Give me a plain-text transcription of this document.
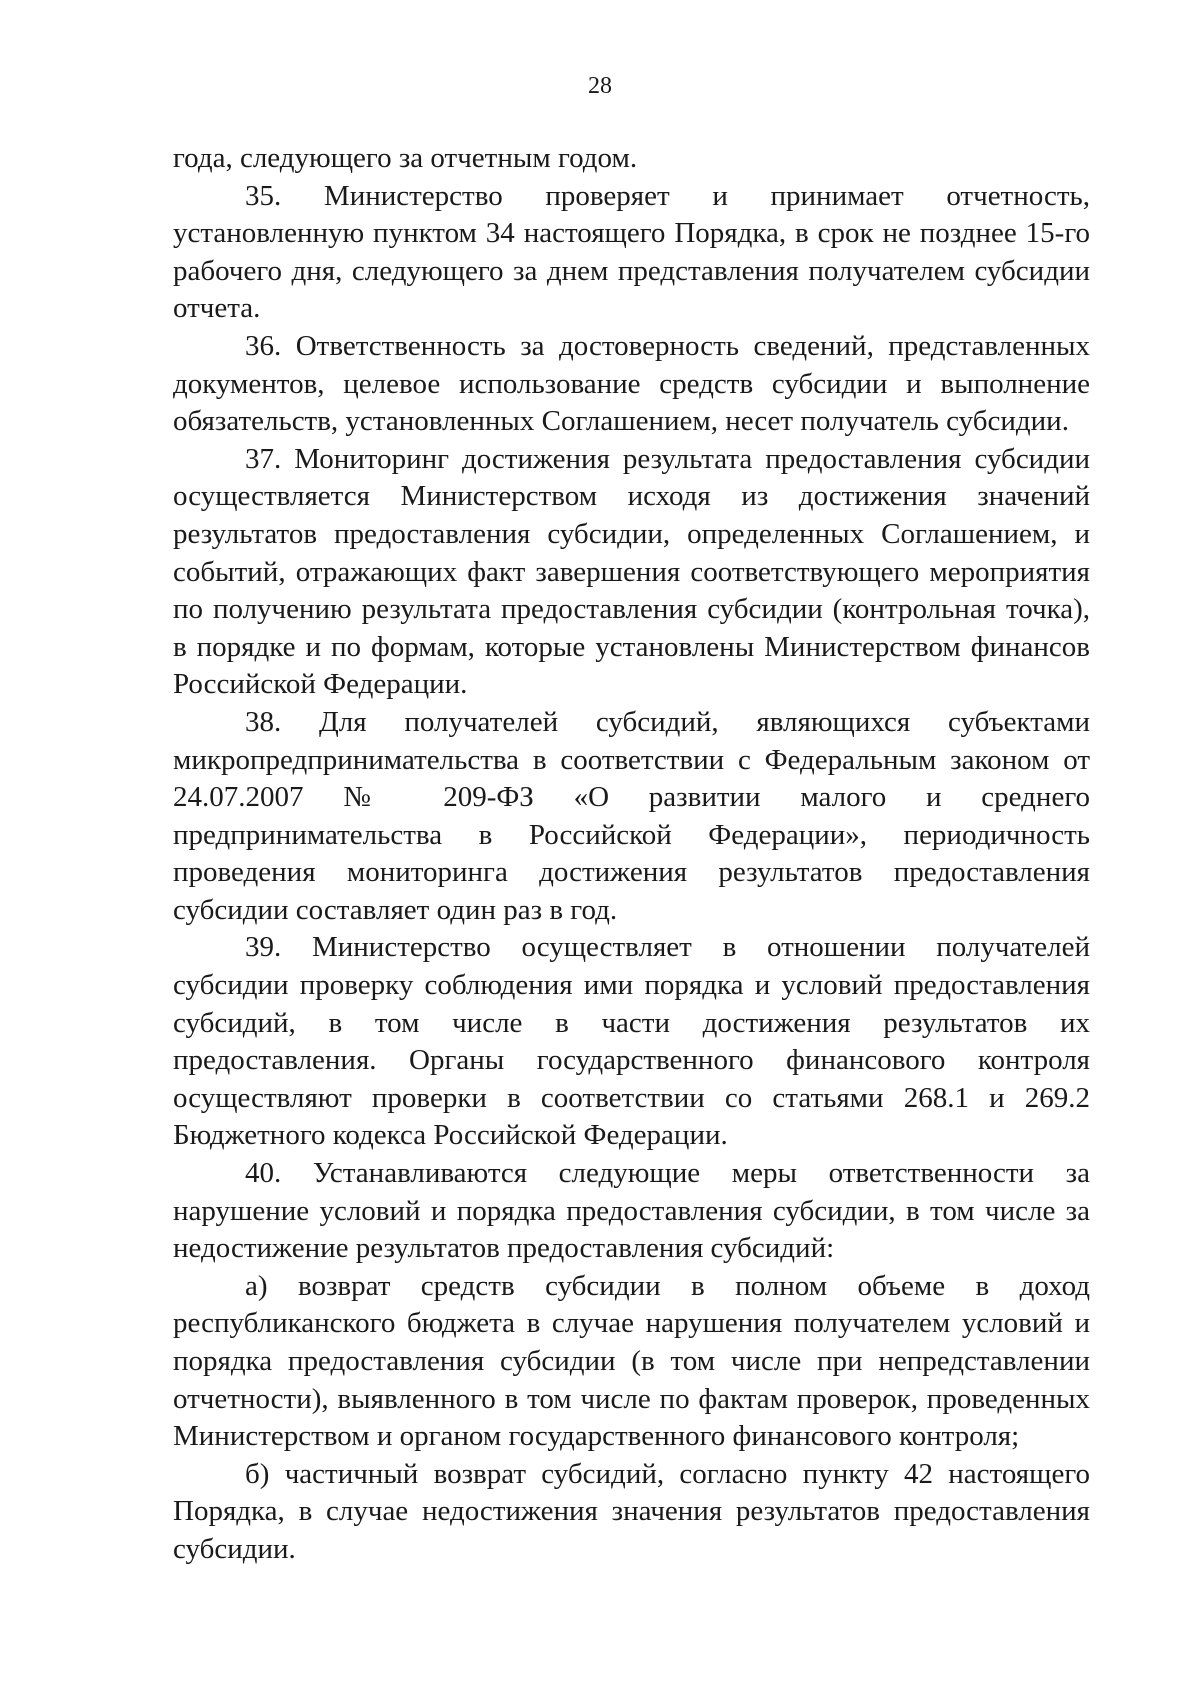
28

года, следующего за отчетным годом.

35. Министерство проверяет и принимает отчетность, установленную пунктом 34 настоящего Порядка, в срок не позднее 15-го рабочего дня, следующего за днем представления получателем субсидии отчета.

36. Ответственность за достоверность сведений, представленных документов, целевое использование средств субсидии и выполнение обязательств, установленных Соглашением, несет получатель субсидии.

37. Мониторинг достижения результата предоставления субсидии осуществляется Министерством исходя из достижения значений результатов предоставления субсидии, определенных Соглашением, и событий, отражающих факт завершения соответствующего мероприятия по получению результата предоставления субсидии (контрольная точка), в порядке и по формам, которые установлены Министерством финансов Российской Федерации.

38. Для получателей субсидий, являющихся субъектами микропредпринимательства в соответствии с Федеральным законом от 24.07.2007 № 209-ФЗ «О развитии малого и среднего предпринимательства в Российской Федерации», периодичность проведения мониторинга достижения результатов предоставления субсидии составляет один раз в год.

39. Министерство осуществляет в отношении получателей субсидии проверку соблюдения ими порядка и условий предоставления субсидий, в том числе в части достижения результатов их предоставления. Органы государственного финансового контроля осуществляют проверки в соответствии со статьями 268.1 и 269.2 Бюджетного кодекса Российской Федерации.

40. Устанавливаются следующие меры ответственности за нарушение условий и порядка предоставления субсидии, в том числе за недостижение результатов предоставления субсидий:

а) возврат средств субсидии в полном объеме в доход республиканского бюджета в случае нарушения получателем условий и порядка предоставления субсидии (в том числе при непредставлении отчетности), выявленного в том числе по фактам проверок, проведенных Министерством и органом государственного финансового контроля;

б) частичный возврат субсидий, согласно пункту 42 настоящего Порядка, в случае недостижения значения результатов предоставления субсидии.
